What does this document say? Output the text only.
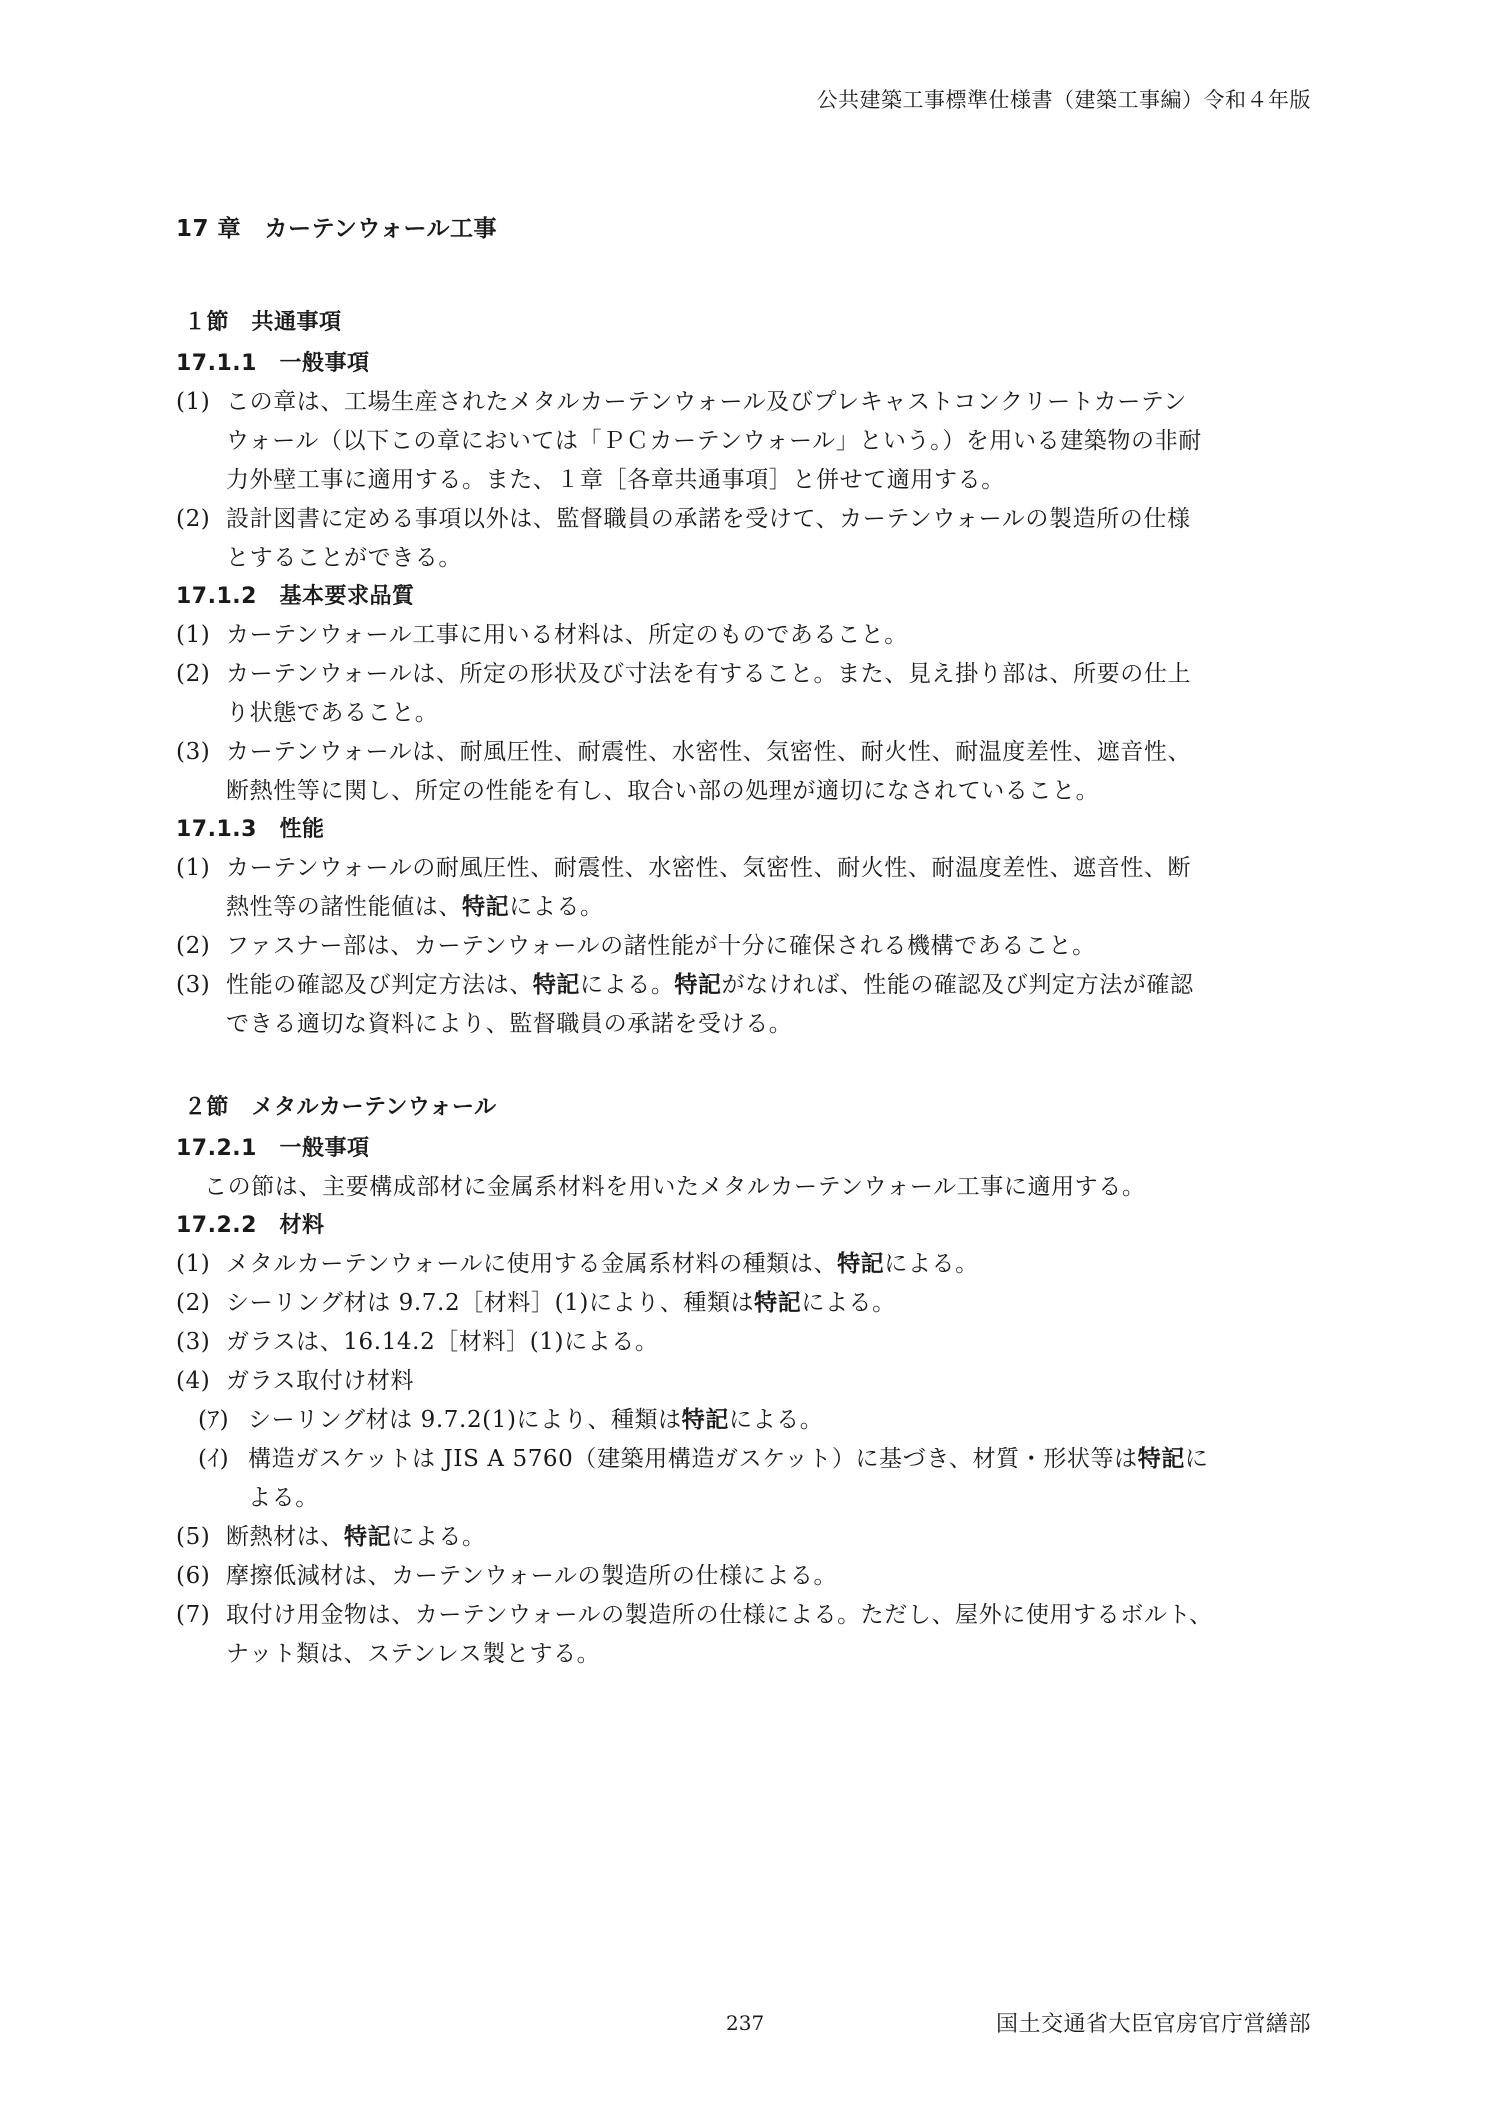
公共建築工事標準仕様書（建築工事編）令和４年版
17 章　カーテンウォール工事
１節　共通事項
17.1.1　一般事項
(1) この章は、工場生産されたメタルカーテンウォール及びプレキャストコンクリートカーテン
ウォール（以下この章においては「ＰＣカーテンウォール」という。）を用いる建築物の非耐
力外壁工事に適用する。また、１章［各章共通事項］と併せて適用する。
(2) 設計図書に定める事項以外は、監督職員の承諾を受けて、カーテンウォールの製造所の仕様
とすることができる。
17.1.2　基本要求品質
(1) カーテンウォール工事に用いる材料は、所定のものであること。
(2) カーテンウォールは、所定の形状及び寸法を有すること。また、見え掛り部は、所要の仕上
り状態であること。
(3) カーテンウォールは、耐風圧性、耐震性、水密性、気密性、耐火性、耐温度差性、遮音性、
断熱性等に関し、所定の性能を有し、取合い部の処理が適切になされていること。
17.1.3　性能
(1) カーテンウォールの耐風圧性、耐震性、水密性、気密性、耐火性、耐温度差性、遮音性、断
熱性等の諸性能値は、特記による。
(2) ファスナー部は、カーテンウォールの諸性能が十分に確保される機構であること。
(3) 性能の確認及び判定方法は、特記による。特記がなければ、性能の確認及び判定方法が確認
できる適切な資料により、監督職員の承諾を受ける。
２節　メタルカーテンウォール
17.2.1　一般事項
この節は、主要構成部材に金属系材料を用いたメタルカーテンウォール工事に適用する。
17.2.2　材料
(1) メタルカーテンウォールに使用する金属系材料の種類は、特記による。
(2) シーリング材は 9.7.2［材料］(1)により、種類は特記による。
(3) ガラスは、16.14.2［材料］(1)による。
(4) ガラス取付け材料
(ｱ) シーリング材は 9.7.2(1)により、種類は特記による。
(ｲ) 構造ガスケットは JIS A 5760（建築用構造ガスケット）に基づき、材質・形状等は特記に
よる。
(5) 断熱材は、特記による。
(6) 摩擦低減材は、カーテンウォールの製造所の仕様による。
(7) 取付け用金物は、カーテンウォールの製造所の仕様による。ただし、屋外に使用するボルト、
ナット類は、ステンレス製とする。
237	国土交通省大臣官房官庁営繕部
